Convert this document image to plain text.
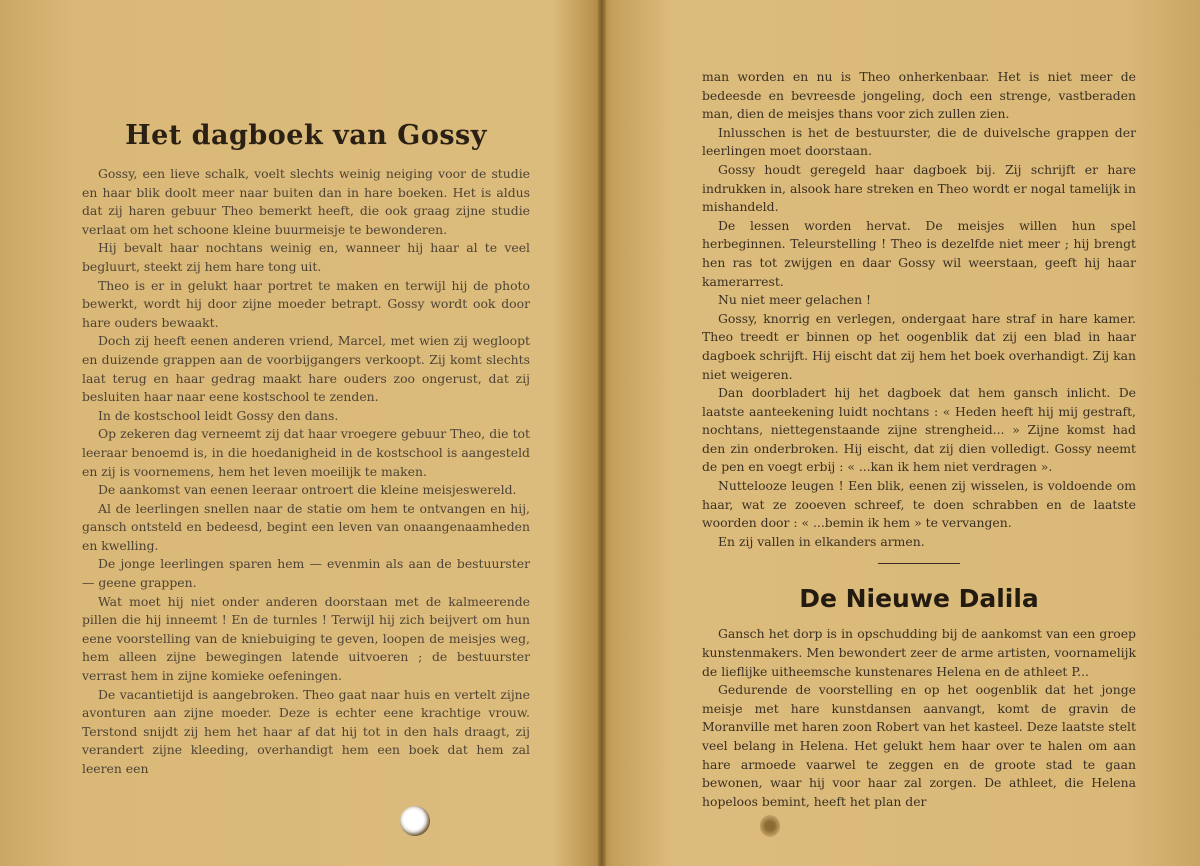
Het dagboek van Gossy

Gossy, een lieve schalk, voelt slechts weinig neiging voor de studie en haar blik doolt meer naar buiten dan in hare boeken. Het is aldus dat zij haren gebuur Theo bemerkt heeft, die ook graag zijne studie verlaat om het schoone kleine buurmeisje te bewonderen.

Hij bevalt haar nochtans weinig en, wanneer hij haar al te veel begluurt, steekt zij hem hare tong uit.

Theo is er in gelukt haar portret te maken en terwijl hij de photo bewerkt, wordt hij door zijne moeder betrapt. Gossy wordt ook door hare ouders bewaakt.

Doch zij heeft eenen anderen vriend, Marcel, met wien zij wegloopt en duizende grappen aan de voorbijgangers verkoopt. Zij komt slechts laat terug en haar gedrag maakt hare ouders zoo ongerust, dat zij besluiten haar naar eene kostschool te zenden.

In de kostschool leidt Gossy den dans.

Op zekeren dag verneemt zij dat haar vroegere gebuur Theo, die tot leeraar benoemd is, in die hoedanigheid in de kostschool is aangesteld en zij is voornemens, hem het leven moeilijk te maken.

De aankomst van eenen leeraar ontroert die kleine meisjeswereld.

Al de leerlingen snellen naar de statie om hem te ontvangen en hij, gansch ontsteld en bedeesd, begint een leven van onaangenaamheden en kwelling.

De jonge leerlingen sparen hem — evenmin als aan de bestuurster — geene grappen.

Wat moet hij niet onder anderen doorstaan met de kalmeerende pillen die hij inneemt ! En de turnles ! Terwijl hij zich beijvert om hun eene voorstelling van de kniebuiging te geven, loopen de meisjes weg, hem alleen zijne bewegingen latende uitvoeren ; de bestuurster verrast hem in zijne komieke oefeningen.

De vacantietijd is aangebroken. Theo gaat naar huis en vertelt zijne avonturen aan zijne moeder. Deze is echter eene krachtige vrouw. Terstond snijdt zij hem het haar af dat hij tot in den hals draagt, zij verandert zijne kleeding, overhandigt hem een boek dat hem zal leeren een

man worden en nu is Theo onherkenbaar. Het is niet meer de bedeesde en bevreesde jongeling, doch een strenge, vastberaden man, dien de meisjes thans voor zich zullen zien.

Inlusschen is het de bestuurster, die de duivelsche grappen der leerlingen moet doorstaan.

Gossy houdt geregeld haar dagboek bij. Zij schrijft er hare indrukken in, alsook hare streken en Theo wordt er nogal tamelijk in mishandeld.

De lessen worden hervat. De meisjes willen hun spel herbeginnen. Teleurstelling ! Theo is dezelfde niet meer ; hij brengt hen ras tot zwijgen en daar Gossy wil weerstaan, geeft hij haar kamerarrest.

Nu niet meer gelachen !

Gossy, knorrig en verlegen, ondergaat hare straf in hare kamer. Theo treedt er binnen op het oogenblik dat zij een blad in haar dagboek schrijft. Hij eischt dat zij hem het boek overhandigt. Zij kan niet weigeren.

Dan doorbladert hij het dagboek dat hem gansch inlicht. De laatste aanteekening luidt nochtans : « Heden heeft hij mij gestraft, nochtans, niettegenstaande zijne strengheid... » Zijne komst had den zin onderbroken. Hij eischt, dat zij dien volledigt. Gossy neemt de pen en voegt erbij : « ...kan ik hem niet verdragen ».

Nuttelooze leugen ! Een blik, eenen zij wisselen, is voldoende om haar, wat ze zooeven schreef, te doen schrabben en de laatste woorden door : « ...bemin ik hem » te vervangen.

En zij vallen in elkanders armen.

De Nieuwe Dalila

Gansch het dorp is in opschudding bij de aankomst van een groep kunstenmakers. Men bewondert zeer de arme artisten, voornamelijk de lieflijke uitheemsche kunstenares Helena en de athleet P...

Gedurende de voorstelling en op het oogenblik dat het jonge meisje met hare kunstdansen aanvangt, komt de gravin de Moranville met haren zoon Robert van het kasteel. Deze laatste stelt veel belang in Helena. Het gelukt hem haar over te halen om aan hare armoede vaarwel te zeggen en de groote stad te gaan bewonen, waar hij voor haar zal zorgen. De athleet, die Helena hopeloos bemint, heeft het plan der
